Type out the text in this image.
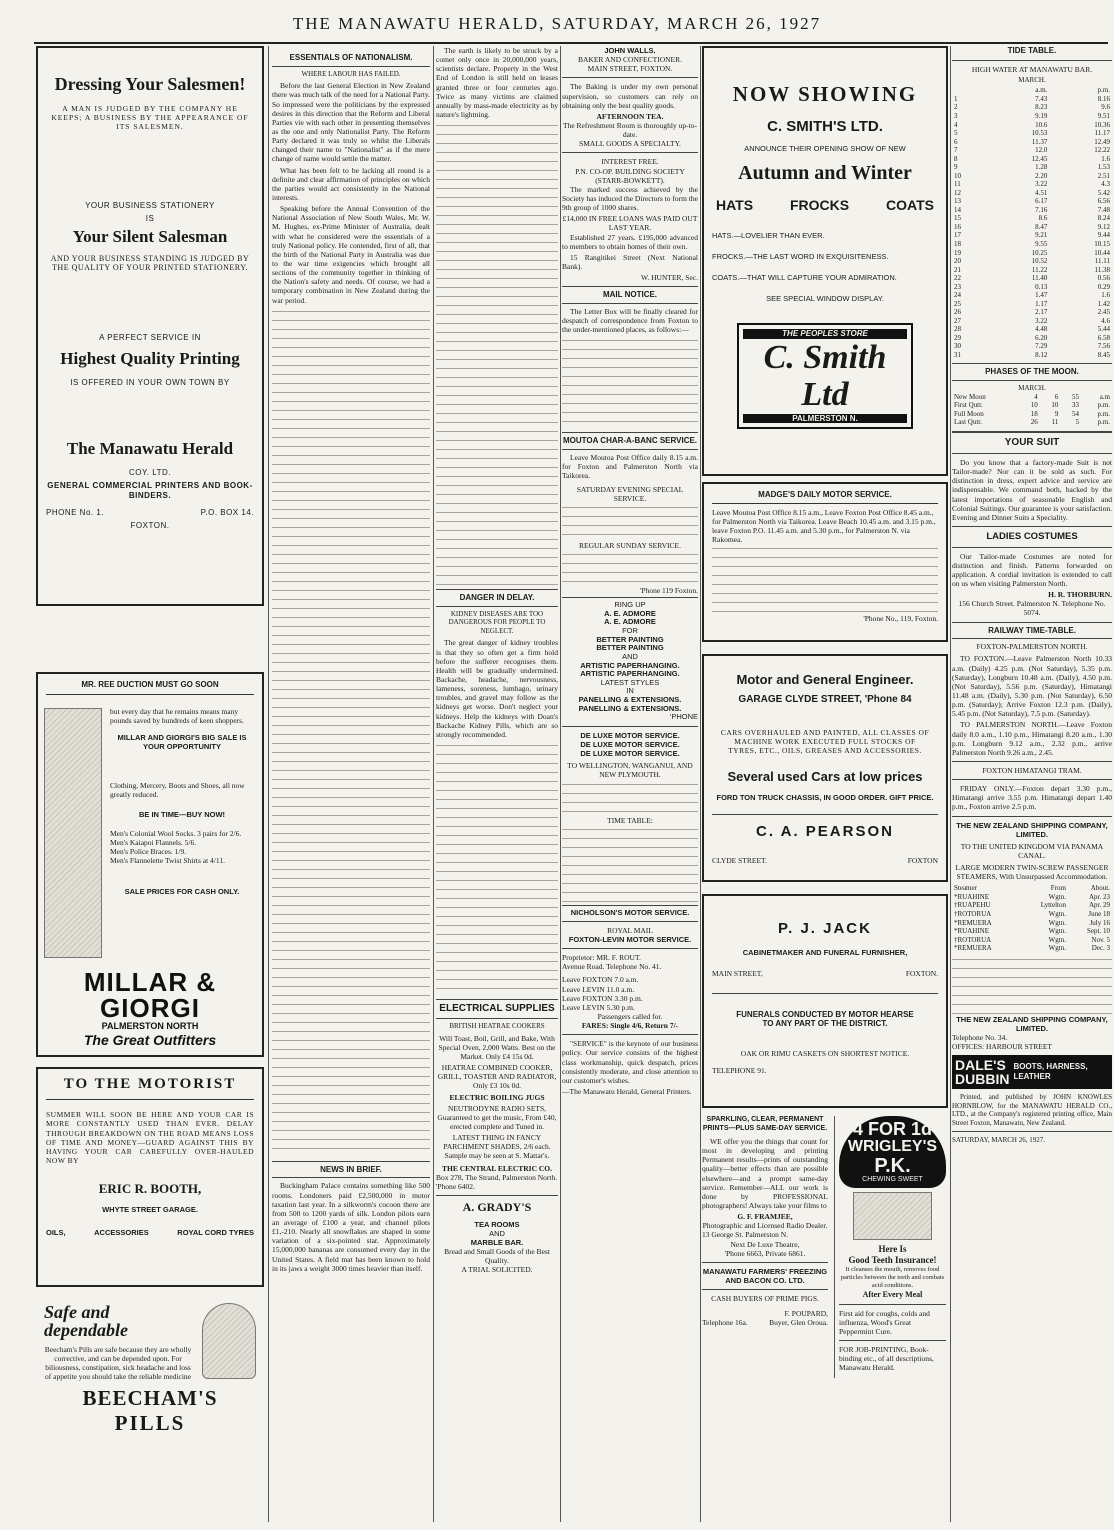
THE MANAWATU HERALD, SATURDAY, MARCH 26, 1927
Dressing Your Salesmen!
A MAN IS JUDGED BY THE COMPANY HE KEEPS; A BUSINESS BY THE APPEARANCE OF ITS SALESMEN.
YOUR BUSINESS STATIONERY
IS
Your Silent Salesman
AND YOUR BUSINESS STANDING IS JUDGED BY THE QUALITY OF YOUR PRINTED STATIONERY.
A PERFECT SERVICE IN
Highest Quality Printing
IS OFFERED IN YOUR OWN TOWN BY
The Manawatu Herald
COY. LTD.
GENERAL COMMERCIAL PRINTERS AND BOOK-BINDERS.
PHONE No. 1.	P.O. BOX 14.
FOXTON.
MR. REE DUCTION MUST GO SOON
but every day that he remains means many pounds saved by hundreds of keen shoppers.
MILLAR AND GIORGI'S BIG SALE IS YOUR OPPORTUNITY
Clothing, Mercery, Boots and Shoes, all now greatly reduced.
BE IN TIME—BUY NOW!
Men's Colonial Wool Socks. 3 pairs for 2/6.
Men's Kaiapoi Flannels. 5/6.
Men's Police Braces. 1/9.
Men's Flannelette Twist Shirts at 4/11.
SALE PRICES FOR CASH ONLY.
MILLAR & GIORGI
PALMERSTON NORTH
The Great Outfitters
TO THE MOTORIST
SUMMER WILL SOON BE HERE AND YOUR CAR IS MORE CONSTANTLY USED THAN EVER. DELAY THROUGH BREAKDOWN ON THE ROAD MEANS LOSS OF TIME AND MONEY—GUARD AGAINST THIS BY HAVING YOUR CAR CAREFULLY OVER-HAULED NOW BY
ERIC R. BOOTH,
WHYTE STREET GARAGE.
OILS,	ACCESSORIES	ROYAL CORD TYRES
Safe and dependable
Beecham's Pills are safe because they are wholly corrective, and can be depended upon. For biliousness, constipation, sick headache and loss of appetite you should take the reliable medicine
BEECHAM'S
PILLS
ESSENTIALS OF NATIONALISM.
WHERE LABOUR HAS FAILED.
Before the last General Election in New Zealand there was much talk of the need for a National Party. So impressed were the politicians by the expressed desires in this direction that the Reform and Liberal Parties vie with each other in presenting themselves as the one and only Nationalist Party. The Reform Party declared it was truly so whilst the Liberals changed their name to "Nationalist" as if the mere change of name would settle the matter.
What has been felt to be lacking all round is a definite and clear affirmation of principles on which the parties would act consistently in the National interests.
Speaking before the Annual Convention of the National Association of New South Wales, Mr. W. M. Hughes, ex-Prime Minister of Australia, dealt with what he considered were the essentials of a truly National policy. He contended, first of all, that the birth of the National Party in Australia was due to the war time exigencies which brought all sections of the community together in thinking of the Nation's safety and needs. Of course, we had a temporary combination in New Zealand during the war period.
NEWS IN BRIEF.
Buckingham Palace contains something like 500 rooms. Londoners paid £2,500,000 in motor taxation last year. In a silkworm's cocoon there are from 500 to 1200 yards of silk. London pilots earn an average of £100 a year, and channel pilots £1,-210. Nearly all snowflakes are shaped in some variation of a six-pointed star. Approximately 15,000,000 bananas are consumed every day in the United States. A field mat has been known to hold in its jaws a weight 3000 times heavier than itself.
The earth is likely to be struck by a comet only once in 20,000,000 years, scientists declare. Property in the West End of London is still held on leases granted three or four centuries ago. Twice as many victims are claimed annually by mass-made electricity as by nature's lightning.
DANGER IN DELAY.
KIDNEY DISEASES ARE TOO DANGEROUS FOR PEOPLE TO NEGLECT.
The great danger of kidney troubles is that they so often get a firm hold before the sufferer recognises them. Health will be gradually undermined. Backache, headache, nervousness, lameness, soreness, lumbago, urinary troubles, and gravel may follow as the kidneys get worse. Don't neglect your kidneys. Help the kidneys with Doan's Backache Kidney Pills, which are so strongly recommended.
ELECTRICAL SUPPLIES
BRITISH HEATRAE COOKERS
Will Toast, Boil, Grill, and Bake, With Special Oven, 2,000 Watts. Best on the Market. Only £4 15s 0d.
HEATRAE COMBINED COOKER, GRILL, TOASTER AND RADIATOR, Only £3 10s 0d.
ELECTRIC BOILING JUGS
NEUTRODYNE RADIO SETS, Guaranteed to get the music, From £40, erected complete and Tuned in.
LATEST THING IN FANCY PARCHMENT SHADES, 2/6 each. Sample may be seen at S. Mattar's.
THE CENTRAL ELECTRIC CO.
Box 278, The Strand, Palmerston North.
'Phone 6402.
A. GRADY'S
TEA ROOMS
AND
MARBLE BAR.
Bread and Small Goods of the Best Quality.
A TRIAL SOLICITED.
JOHN WALLS.
BAKER AND CONFECTIONER.
MAIN STREET, FOXTON.
The Baking is under my own personal supervision, so customers can rely on obtaining only the best quality goods.
AFTERNOON TEA.
The Refreshment Room is thoroughly up-to-date.
SMALL GOODS A SPECIALTY.
INTEREST FREE.
P.N. CO-OP. BUILDING SOCIETY (STARR-BOWKETT).
The marked success achieved by the Society has induced the Directors to form the 9th group of 1000 shares.
£14,000 IN FREE LOANS WAS PAID OUT LAST YEAR.
Established 27 years. £195,000 advanced to members to obtain homes of their own.
15 Rangitikei Street (Next National Bank).
W. HUNTER, Sec.
MAIL NOTICE.
The Letter Box will be finally cleared for despatch of correspondence from Foxton to the under-mentioned places, as follows:—
MOUTOA CHAR-A-BANC SERVICE.
Leave Moutoa Post Office daily 8.15 a.m. for Foxton and Palmerston North via Taikorea.
SATURDAY EVENING SPECIAL SERVICE.
REGULAR SUNDAY SERVICE.
'Phone 119 Foxton.
RING UP
A. E. ADMORE
A. E. ADMORE
FOR
BETTER PAINTING
BETTER PAINTING
AND
ARTISTIC PAPERHANGING.
ARTISTIC PAPERHANGING.
LATEST STYLES
IN
PANELLING & EXTENSIONS.
PANELLING & EXTENSIONS.
'PHONE
DE LUXE MOTOR SERVICE.
DE LUXE MOTOR SERVICE.
DE LUXE MOTOR SERVICE.
TO WELLINGTON, WANGANUI, AND NEW PLYMOUTH.
TIME TABLE:
NICHOLSON'S MOTOR SERVICE.
ROYAL MAIL
FOXTON-LEVIN MOTOR SERVICE.
Proprietor: MR. F. ROUT.
Avenue Road. Telephone No. 41.
Leave FOXTON 7.0 a.m.
Leave LEVIN 11.0 a.m.
Leave FOXTON 3.30 p.m.
Leave LEVIN 5.30 p.m.
Passengers called for.
FARES: Single 4/6, Return 7/-
"SERVICE" is the keynote of our business policy. Our service consists of the highest class workmanship, quick despatch, prices consistently moderate, and close attention to our customer's wishes.
—The Manawatu Herald, General Printers.
NOW SHOWING
C. SMITH'S LTD.
ANNOUNCE THEIR OPENING SHOW OF NEW
Autumn and Winter
HATS	FROCKS	COATS
HATS.—LOVELIER THAN EVER.
FROCKS.—THE LAST WORD IN EXQUISITENESS.
COATS.—THAT WILL CAPTURE YOUR ADMIRATION.
SEE SPECIAL WINDOW DISPLAY.
THE PEOPLES STORE
C. Smith Ltd
PALMERSTON N.
MADGE'S DAILY MOTOR SERVICE.
Leave Moutoa Post Office 8.15 a.m., Leave Foxton Post Office 8.45 a.m., for Palmerston North via Taikorea. Leave Beach 10.45 a.m. and 3.15 p.m., leave Foxton P.O. 11.45 a.m. and 5.30 p.m., for Palmerston N. via Rakomea.
'Phone No., 119, Foxton.
Motor and General Engineer.
GARAGE CLYDE STREET, 'Phone 84
CARS OVERHAULED AND PAINTED, ALL CLASSES OF MACHINE WORK EXECUTED FULL STOCKS OF TYRES, ETC., OILS, GREASES AND ACCESSORIES.
Several used Cars at low prices
FORD TON TRUCK CHASSIS, IN GOOD ORDER. GIFT PRICE.
C. A. PEARSON
CLYDE STREET.	FOXTON
P. J. JACK
CABINETMAKER AND FUNERAL FURNISHER,
MAIN STREET,	FOXTON.
FUNERALS CONDUCTED BY MOTOR HEARSE TO ANY PART OF THE DISTRICT.
OAK OR RIMU CASKETS ON SHORTEST NOTICE.
TELEPHONE 91.
SPARKLING, CLEAR, PERMANENT PRINTS—PLUS SAME-DAY SERVICE.
WE offer you the things that count for most in developing and printing Permanent results—prints of outstanding quality—better effects than are possible elsewhere—and a prompt same-day service. Remember—ALL our work is done by PROFESSIONAL photographers! Always take your films to
G. F. FRAMJEE,
Photographic and Licensed Radio Dealer.
13 George St. Palmerston N.
Next De Luxe Theatre,
'Phone 6663, Private 6861.
MANAWATU FARMERS' FREEZING AND BACON CO. LTD.
CASH BUYERS OF PRIME PIGS.
F. POUPARD,
Telephone 16a.	Buyer, Glen Oroua.
4 FOR 1d
WRIGLEY'S
P.K.
CHEWING SWEET
Here Is
Good Teeth Insurance!
It cleanses the mouth, removes food particles between the teeth and combats acid conditions.
After Every Meal
First aid for coughs, colds and influenza, Wood's Great Peppermint Cure.
FOR JOB-PRINTING, Book-binding etc., of all descriptions, Manawatu Herald.
TIDE TABLE.
HIGH WATER AT MANAWATU BAR.
MARCH.
	a.m.	p.m.
1	7.43	8.16
2	8.23	9.6
3	9.19	9.51
4	10.6	10.36
5	10.53	11.17
6	11.37	12.49
7	12.0	12.22
8	12.45	1.6
9	1.28	1.53
10	2.20	2.51
11	3.22	4.3
12	4.51	5.42
13	6.17	6.56
14	7.16	7.48
15	8.6	8.24
16	8.47	9.12
17	9.21	9.44
18	9.55	10.15
19	10.25	10.44
20	10.52	11.11
21	11.22	11.38
22	11.40	0.56
23	0.13	0.29
24	1.47	1.6
25	1.17	1.42
26	2.17	2.45
27	3.22	4.6
28	4.48	5.44
29	6.20	6.58
30	7.29	7.56
31	8.12	8.45
PHASES OF THE MOON.
MARCH.
New Moon	4	6	55	a.m
First Qutr.	10	10	33	p.m.
Full Moon	18	9	54	p.m.
Last Qutr.	26	11	5	p.m.
YOUR SUIT
Do you know that a factory-made Suit is not Tailor-made? Nor can it be sold as such. For distinction in dress, expert advice and service are indispensable. We command both, backed by the latest importations of seasonable English and Colonial Suitings. Our guarantee is your satisfaction. Evening and Dinner Suits a Speciality.
LADIES COSTUMES
Our Tailor-made Costumes are noted for distinction and finish. Patterns forwarded on application. A cordial invitation is extended to call on us when visiting Palmerston North.
H. R. THORBURN.
156 Church Street. Palmerston N. Telephone No. 5074.
RAILWAY TIME-TABLE.
FOXTON-PALMERSTON NORTH.
TO FOXTON.—Leave Palmerston North 10.33 a.m. (Daily) 4.25 p.m. (Not Saturday), 5.35 p.m. (Saturday), Longburn 10.48 a.m. (Daily), 4.50 p.m. (Not Saturday), 5.56 p.m. (Saturday), Himatangi 11.48 a.m. (Daily), 5.30 p.m. (Not Saturday), 6.50 p.m. (Saturday); Arrive Foxton 12.3 p.m. (Daily), 5.45 p.m. (Not Saturday), 7.5 p.m. (Saturday).
TO PALMERSTON NORTH.—Leave Foxton daily 8.0 a.m., 1.10 p.m., Himatangi 8.20 a.m., 1.30 p.m. Longburn 9.12 a.m., 2.32 p.m., arrive Palmerston North 9.26 a.m., 2.45.
FOXTON HIMATANGI TRAM.
FRIDAY ONLY.—Foxton depart 3.30 p.m., Himatangi arrive 3.55 p.m. Himatangi depart 1.40 p.m., Foxton arrive 2.5 p.m.
THE NEW ZEALAND SHIPPING COMPANY, LIMITED.
TO THE UNITED KINGDOM VIA PANAMA CANAL.
LARGE MODERN TWIN-SCREW PASSENGER STEAMERS, With Unsurpassed Accommodation.
Steamer	From	About.
*RUAHINE	Wgtn.	Apr. 23
†RUAPEHU	Lyttelton	Apr. 29
†ROTORUA	Wgtn.	June 18
*REMUERA	Wgtn.	July 16
*RUAHINE	Wgtn.	Sept. 10
†ROTORUA	Wgtn.	Nov. 5
*REMUERA	Wgtn.	Dec. 3
THE NEW ZEALAND SHIPPING COMPANY, LIMITED.
Telephone No. 34.
OFFICES: HARBOUR STREET
DALE'S
DUBBIN
BOOTS, HARNESS, LEATHER
Printed, and published by JOHN KNOWLES HORNBLOW, for the MANAWATU HERALD CO., LTD., at the Company's registered printing office, Main Street Foxton, Manawatu, New Zealand.
SATURDAY, MARCH 26, 1927.
